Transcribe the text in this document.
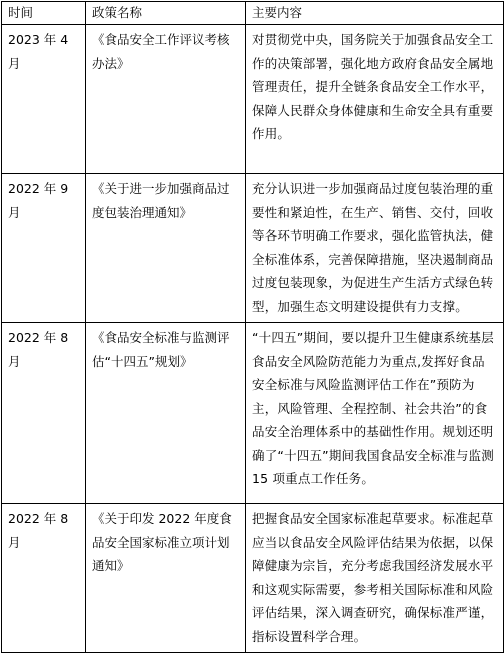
时间	政策名称	主要内容
2023 年 4 月	《食品安全工作评议考核办法》	对贯彻党中央，国务院关于加强食品安全工作的决策部署，强化地方政府食品安全属地管理责任，提升全链条食品安全工作水平，保障人民群众身体健康和生命安全具有重要作用。
2022 年 9 月	《关于进一步加强商品过度包装治理通知》	充分认识进一步加强商品过度包装治理的重要性和紧迫性，在生产、销售、交付，回收等各环节明确工作要求，强化监管执法，健全标准体系，完善保障措施，坚决遏制商品过度包装现象，为促进生产生活方式绿色转型，加强生态文明建设提供有力支撑。
2022 年 8 月	《食品安全标准与监测评估“十四五”规划》	“十四五”期间，要以提升卫生健康系统基层食品安全风险防范能力为重点,发挥好食品安全标准与风险监测评估工作在”预防为主，风险管理、全程控制、社会共治”的食品安全治理体系中的基础性作用。规划还明确了“十四五”期间我国食品安全标准与监测 15 项重点工作任务。
2022 年 8 月	《关于印发 2022 年度食品安全国家标准立项计划通知》	把握食品安全国家标准起草要求。标准起草应当以食品安全风险评估结果为依据，以保障健康为宗旨，充分考虑我国经济发展水平和这观实际需要，参考相关国际标准和风险评估结果，深入调查研究，确保标准严谨，指标设置科学合理。
